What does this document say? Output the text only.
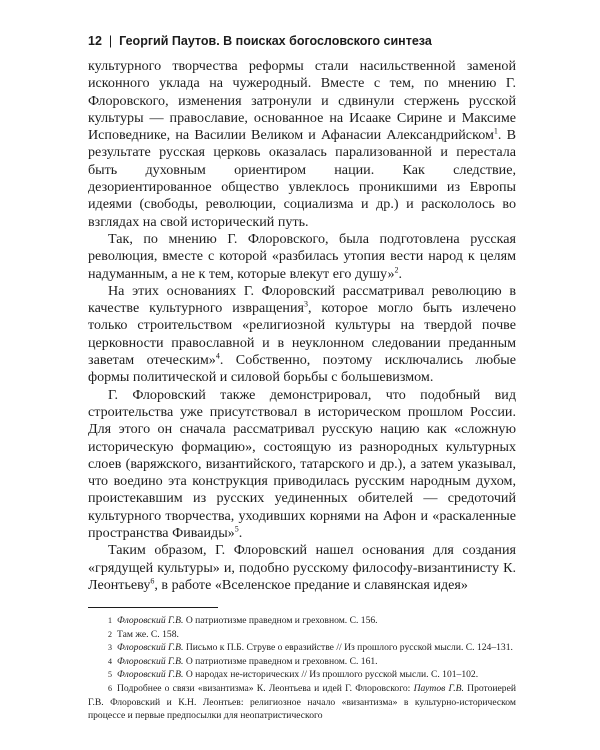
12 | Георгий Паутов. В поисках богословского синтеза

культурного творчества реформы стали насильственной заменой исконного уклада на чужеродный. Вместе с тем, по мнению Г. Флоровского, изменения затронули и сдвинули стержень русской культуры — православие, основанное на Исааке Сирине и Максиме Исповеднике, на Василии Великом и Афанасии Александрийском$^1$. В результате русская церковь оказалась парализованной и перестала быть духовным ориентиром нации. Как следствие, дезориентированное общество увлеклось проникшими из Европы идеями (свободы, революции, социализма и др.) и раскололось во взглядах на свой исторический путь.

Так, по мнению Г. Флоровского, была подготовлена русская революция, вместе с которой «разбилась утопия вести народ к целям надуманным, а не к тем, которые влекут его душу»$^2$.

На этих основаниях Г. Флоровский рассматривал революцию в качестве культурного извращения$^3$, которое могло быть излечено только строительством «религиозной культуры на твердой почве церковности православной и в неуклонном следовании преданным заветам отеческим»$^4$. Собственно, поэтому исключались любые формы политической и силовой борьбы с большевизмом.

Г. Флоровский также демонстрировал, что подобный вид строительства уже присутствовал в историческом прошлом России. Для этого он сначала рассматривал русскую нацию как «сложную историческую формацию», состоящую из разнородных культурных слоев (варяжского, византийского, татарского и др.), а затем указывал, что воедино эта конструкция приводилась русским народным духом, проистекавшим из русских уединенных обителей — средоточий культурного творчества, уходивших корнями на Афон и «раскаленные пространства Фиваиды»$^5$.

Таким образом, Г. Флоровский нашел основания для создания «грядущей культуры» и, подобно русскому философу-византинисту К. Леонтьеву$^6$, в работе «Вселенское предание и славянская идея»

1 Флоровский Г.В. О патриотизме праведном и греховном. С. 156.

2 Там же. С. 158.

3 Флоровский Г.В. Письмо к П.Б. Струве о евразийстве // Из прошлого русской мысли. С. 124–131.

4 Флоровский Г.В. О патриотизме праведном и греховном. С. 161.

5 Флоровский Г.В. О народах не-исторических // Из прошлого русской мысли. С. 101–102.

6 Подробнее о связи «византизма» К. Леонтьева и идей Г. Флоровского: Паутов Г.В. Протоиерей Г.В. Флоровский и К.Н. Леонтьев: религиозное начало «византизма» в культурно-историческом процессе и первые предпосылки для неопатристического
